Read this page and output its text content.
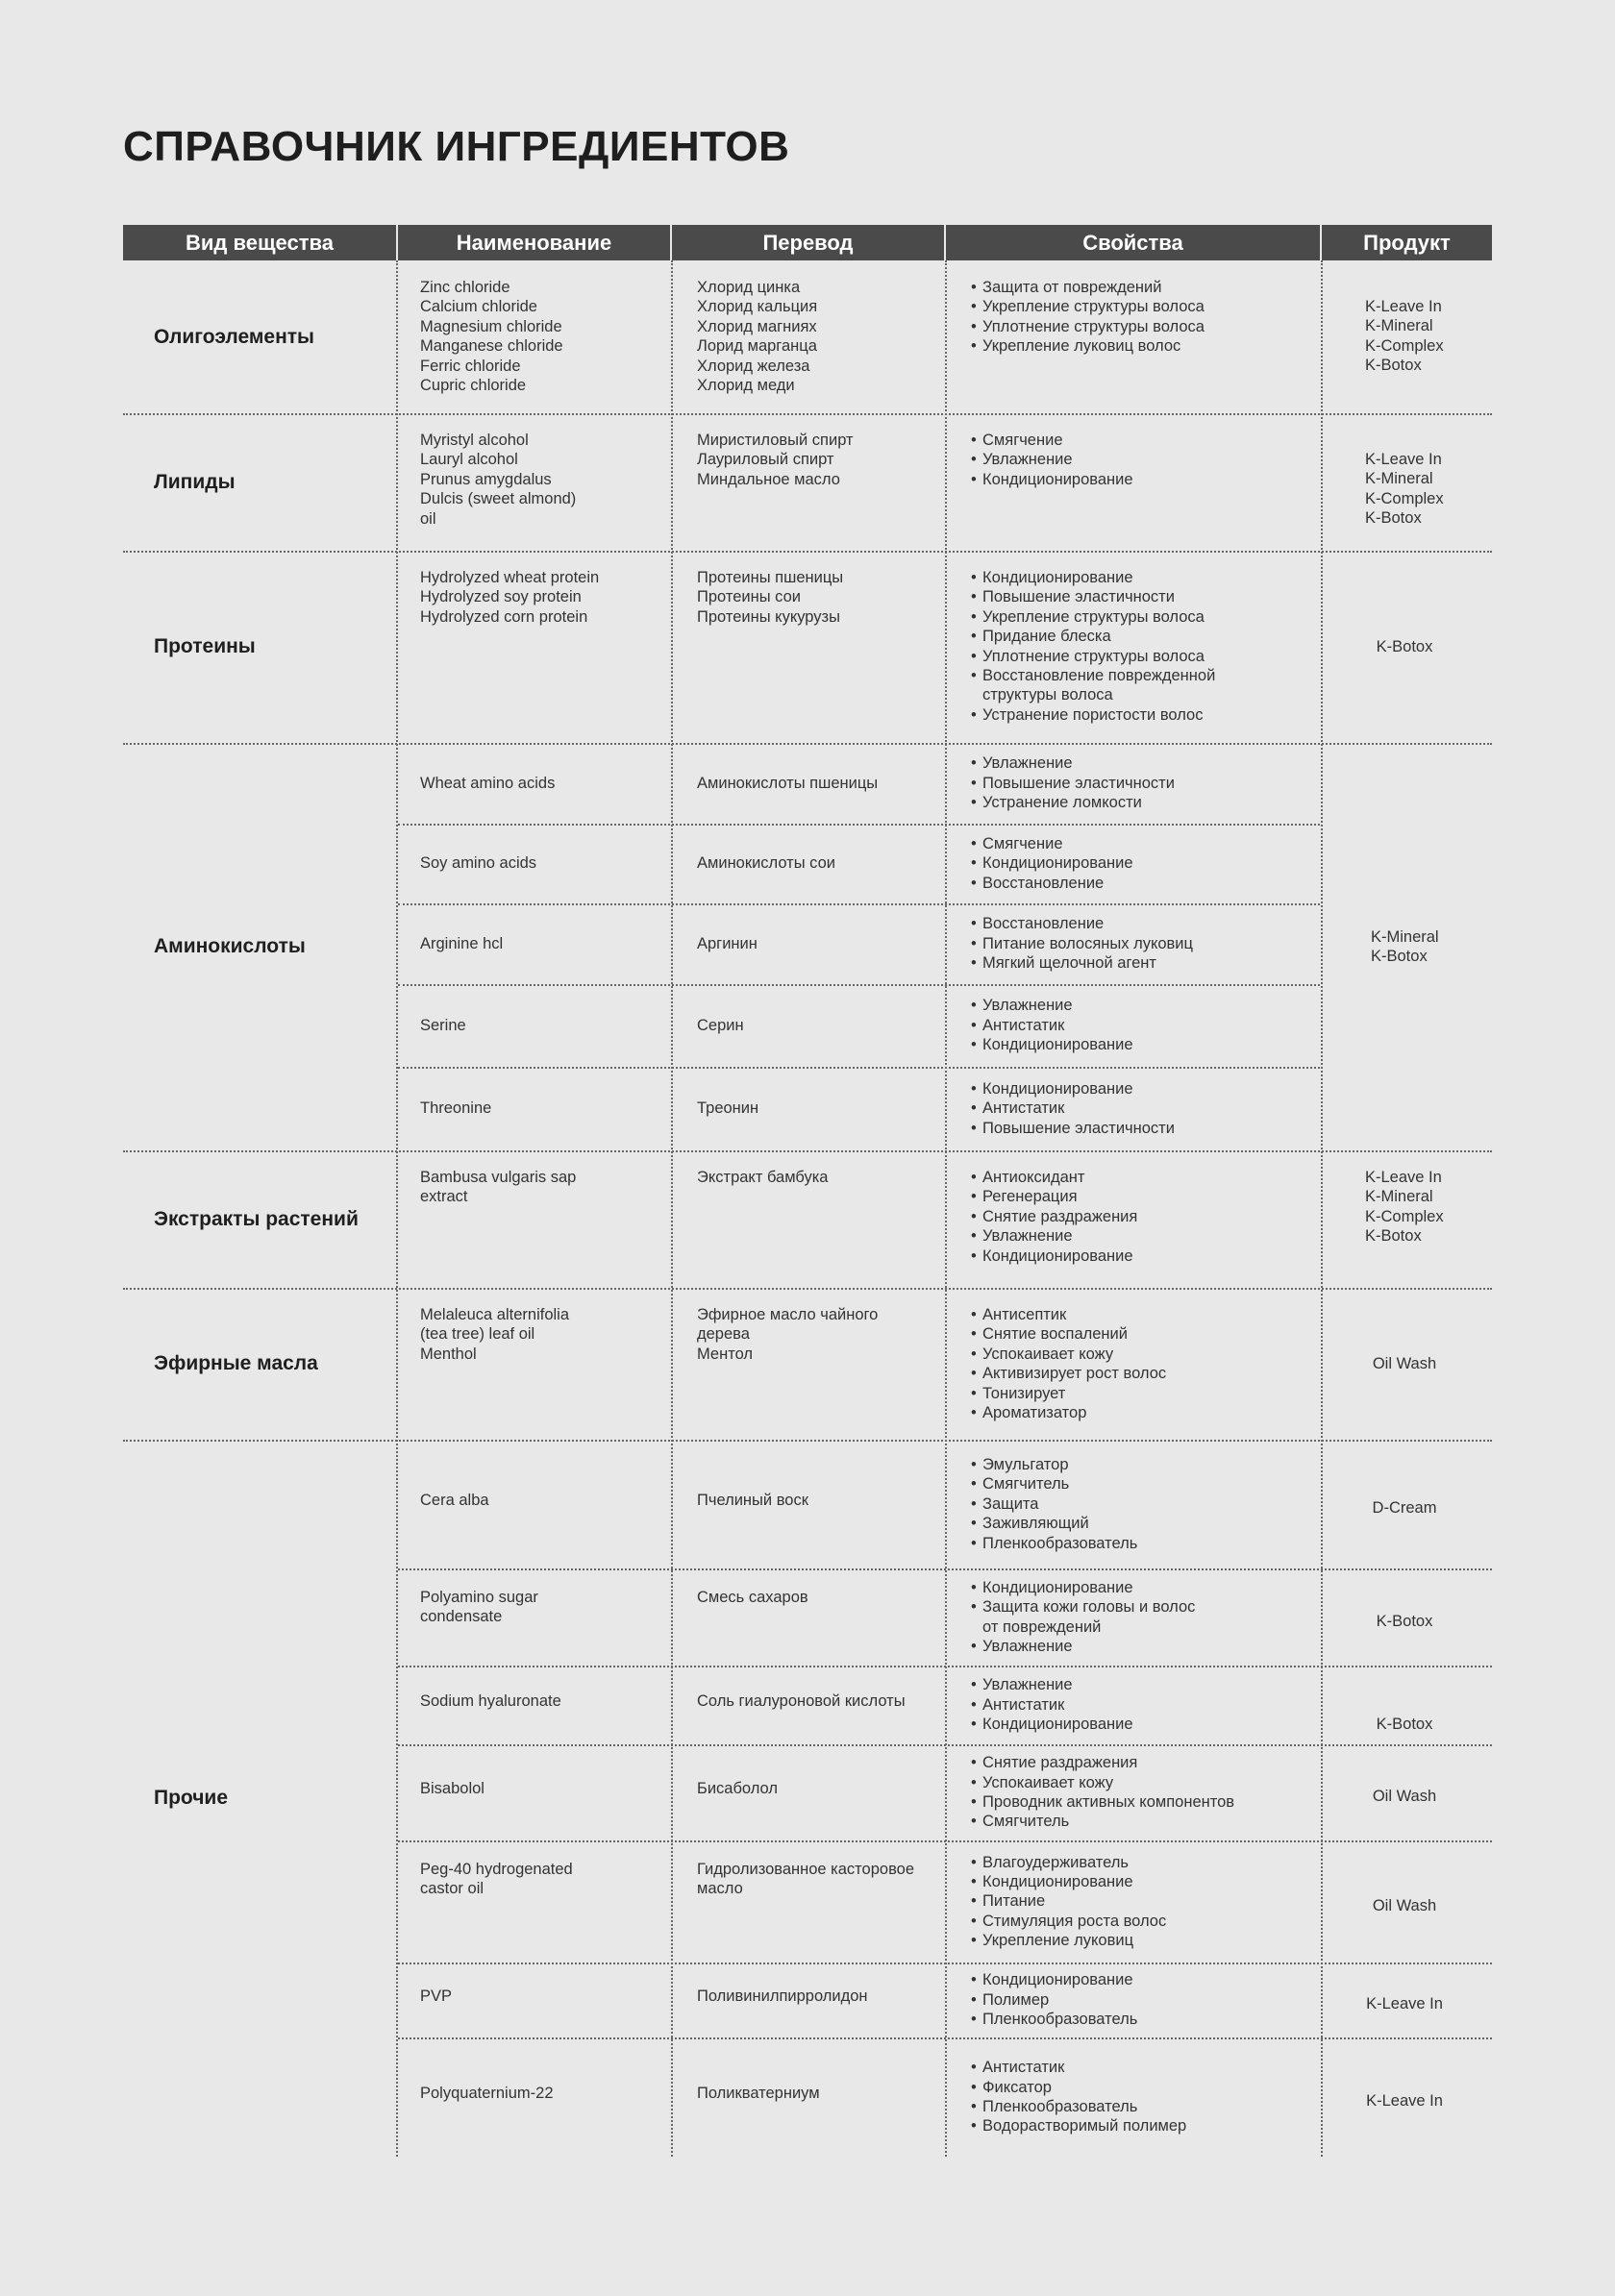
СПРАВОЧНИК ИНГРЕДИЕНТОВ
Вид вещества	Наименование	Перевод	Свойства	Продукт
Олигоэлементы
Zinc chloride
Calcium chloride
Magnesium chloride
Manganese chloride
Ferric chloride
Cupric chloride
Хлорид цинка
Хлорид кальция
Хлорид магниях
Лорид марганца
Хлорид железа
Хлорид меди
• Защита от повреждений
• Укрепление структуры волоса
• Уплотнение структуры волоса
• Укрепление луковиц волос
K-Leave In
K-Mineral
K-Complex
K-Botox
Липиды
Myristyl alcohol
Lauryl alcohol
Prunus amygdalus
Dulcis (sweet almond)
oil
Миристиловый спирт
Лауриловый спирт
Миндальное масло
• Смягчение
• Увлажнение
• Кондиционирование
K-Leave In
K-Mineral
K-Complex
K-Botox
Протеины
Hydrolyzed wheat protein
Hydrolyzed soy protein
Hydrolyzed corn protein
Протеины пшеницы
Протеины сои
Протеины кукурузы
• Кондиционирование
• Повышение эластичности
• Укрепление структуры волоса
• Придание блеска
• Уплотнение структуры волоса
• Восстановление поврежденной
структуры волоса
• Устранение пористости волос
K-Botox
Аминокислоты
Wheat amino acids	Аминокислоты пшеницы
• Увлажнение
• Повышение эластичности
• Устранение ломкости
Soy amino acids	Аминокислоты сои
• Смягчение
• Кондиционирование
• Восстановление
Arginine hcl	Аргинин
• Восстановление
• Питание волосяных луковиц
• Мягкий щелочной агент
Serine	Серин
• Увлажнение
• Антистатик
• Кондиционирование
Threonine	Треонин
• Кондиционирование
• Антистатик
• Повышение эластичности
K-Mineral
K-Botox
Экстракты растений
Bambusa vulgaris sap
extract
Экстракт бамбука
•	Антиоксидант
• Регенерация
• Снятие раздражения
• Увлажнение
• Кондиционирование
K-Leave In
K-Mineral
K-Complex
K-Botox
Эфирные масла
Melaleuca alternifolia
(tea tree) leaf oil
Menthol
Эфирное масло чайного
дерева
Ментол
• Антисептик
• Снятие воспалений
• Успокаивает кожу
• Активизирует рост волос
• Тонизирует
• Ароматизатор
Oil Wash
Прочие
Cera alba	Пчелиный воск
• Эмульгатор
• Смягчитель
• Защита
• Заживляющий
• Пленкообразователь
D-Cream
Polyamino sugar
condensate
Смесь сахаров
• Кондиционирование
• Защита кожи головы и волос
от повреждений
• Увлажнение
K-Botox
Sodium hyaluronate	Соль гиалуроновой кислоты
• Увлажнение
• Антистатик
• Кондиционирование	K-Botox
Bisabolol	Бисаболол
• Снятие раздражения
• Успокаивает кожу
• Проводник активных компонентов
• Смягчитель
Oil Wash
Peg-40 hydrogenated
castor oil
Гидролизованное касторовое
масло
• Влагоудерживатель
• Кондиционирование
• Питание
• Стимуляция роста волос
• Укрепление луковиц
Oil Wash
PVP	Поливинилпирролидон
• Кондиционирование
• Полимер
• Пленкообразователь
K-Leave In
Polyquaternium-22	Поликватерниум
• Антистатик
• Фиксатор
• Пленкообразователь
• Водорастворимый полимер
K-Leave In
